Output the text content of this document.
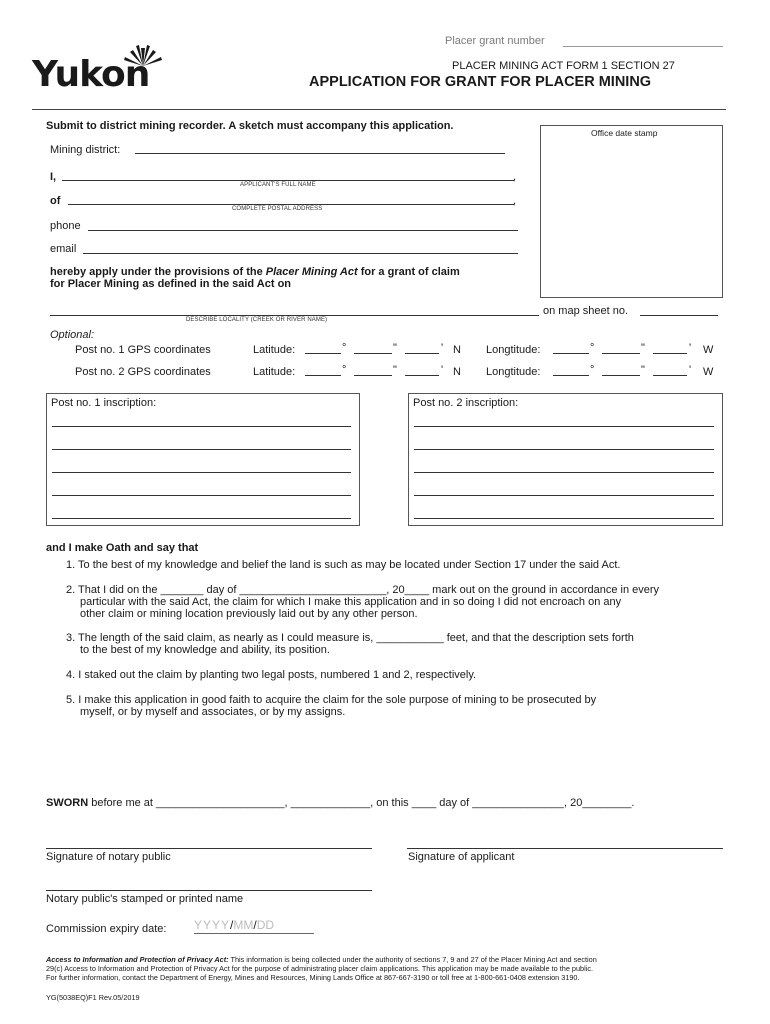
Placer grant number
Yukon	PLACER MINING ACT FORM 1 SECTION 27
APPLICATION FOR GRANT FOR PLACER MINING
Submit to district mining recorder. A sketch must accompany this application.
Office date stamp
Mining district:
I,	,
APPLICANT'S FULL NAME
of	,
COMPLETE POSTAL ADDRESS
phone
email
hereby apply under the provisions of the Placer Mining Act for a grant of claim
for Placer Mining as defined in the said Act on
on map sheet no.
DESCRIBE LOCALITY (CREEK OR RIVER NAME)
Optional:
Post no. 1 GPS coordinates	Latitude:	°	"	' N Longtitude:	°	"	' W
Post no. 2 GPS coordinates	Latitude:	°	"	' N Longtitude:	°	"	' W
Post no. 1 inscription:	Post no. 2 inscription:
and I make Oath and say that
1. To the best of my knowledge and belief the land is such as may be located under Section 17 under the said Act.
2. That I did on the _______ day of ________________________, 20____ mark out on the ground in accordance in every
particular with the said Act, the claim for which I make this application and in so doing I did not encroach on any
other claim or mining location previously laid out by any other person.
3. The length of the said claim, as nearly as I could measure is, ___________ feet, and that the description sets forth
to the best of my knowledge and ability, its position.
4. I staked out the claim by planting two legal posts, numbered 1 and 2, respectively.
5. I make this application in good faith to acquire the claim for the sole purpose of mining to be prosecuted by
myself, or by myself and associates, or by my assigns.
SWORN before me at _____________________, _____________, on this ____ day of _______________, 20________.
Signature of notary public	Signature of applicant
Notary public's stamped or printed name
Commission expiry date: YYYY/MM/DD
Access to Information and Protection of Privacy Act: This information is being collected under the authority of sections 7, 9 and 27 of the Placer Mining Act and section
29(c) Access to Information and Protection of Privacy Act for the purpose of administrating placer claim applications. This application may be made available to the public.
For further information, contact the Department of Energy, Mines and Resources, Mining Lands Office at 867-667-3190 or toll free at 1-800-661-0408 extension 3190.
YG(5038EQ)F1 Rev.05/2019
